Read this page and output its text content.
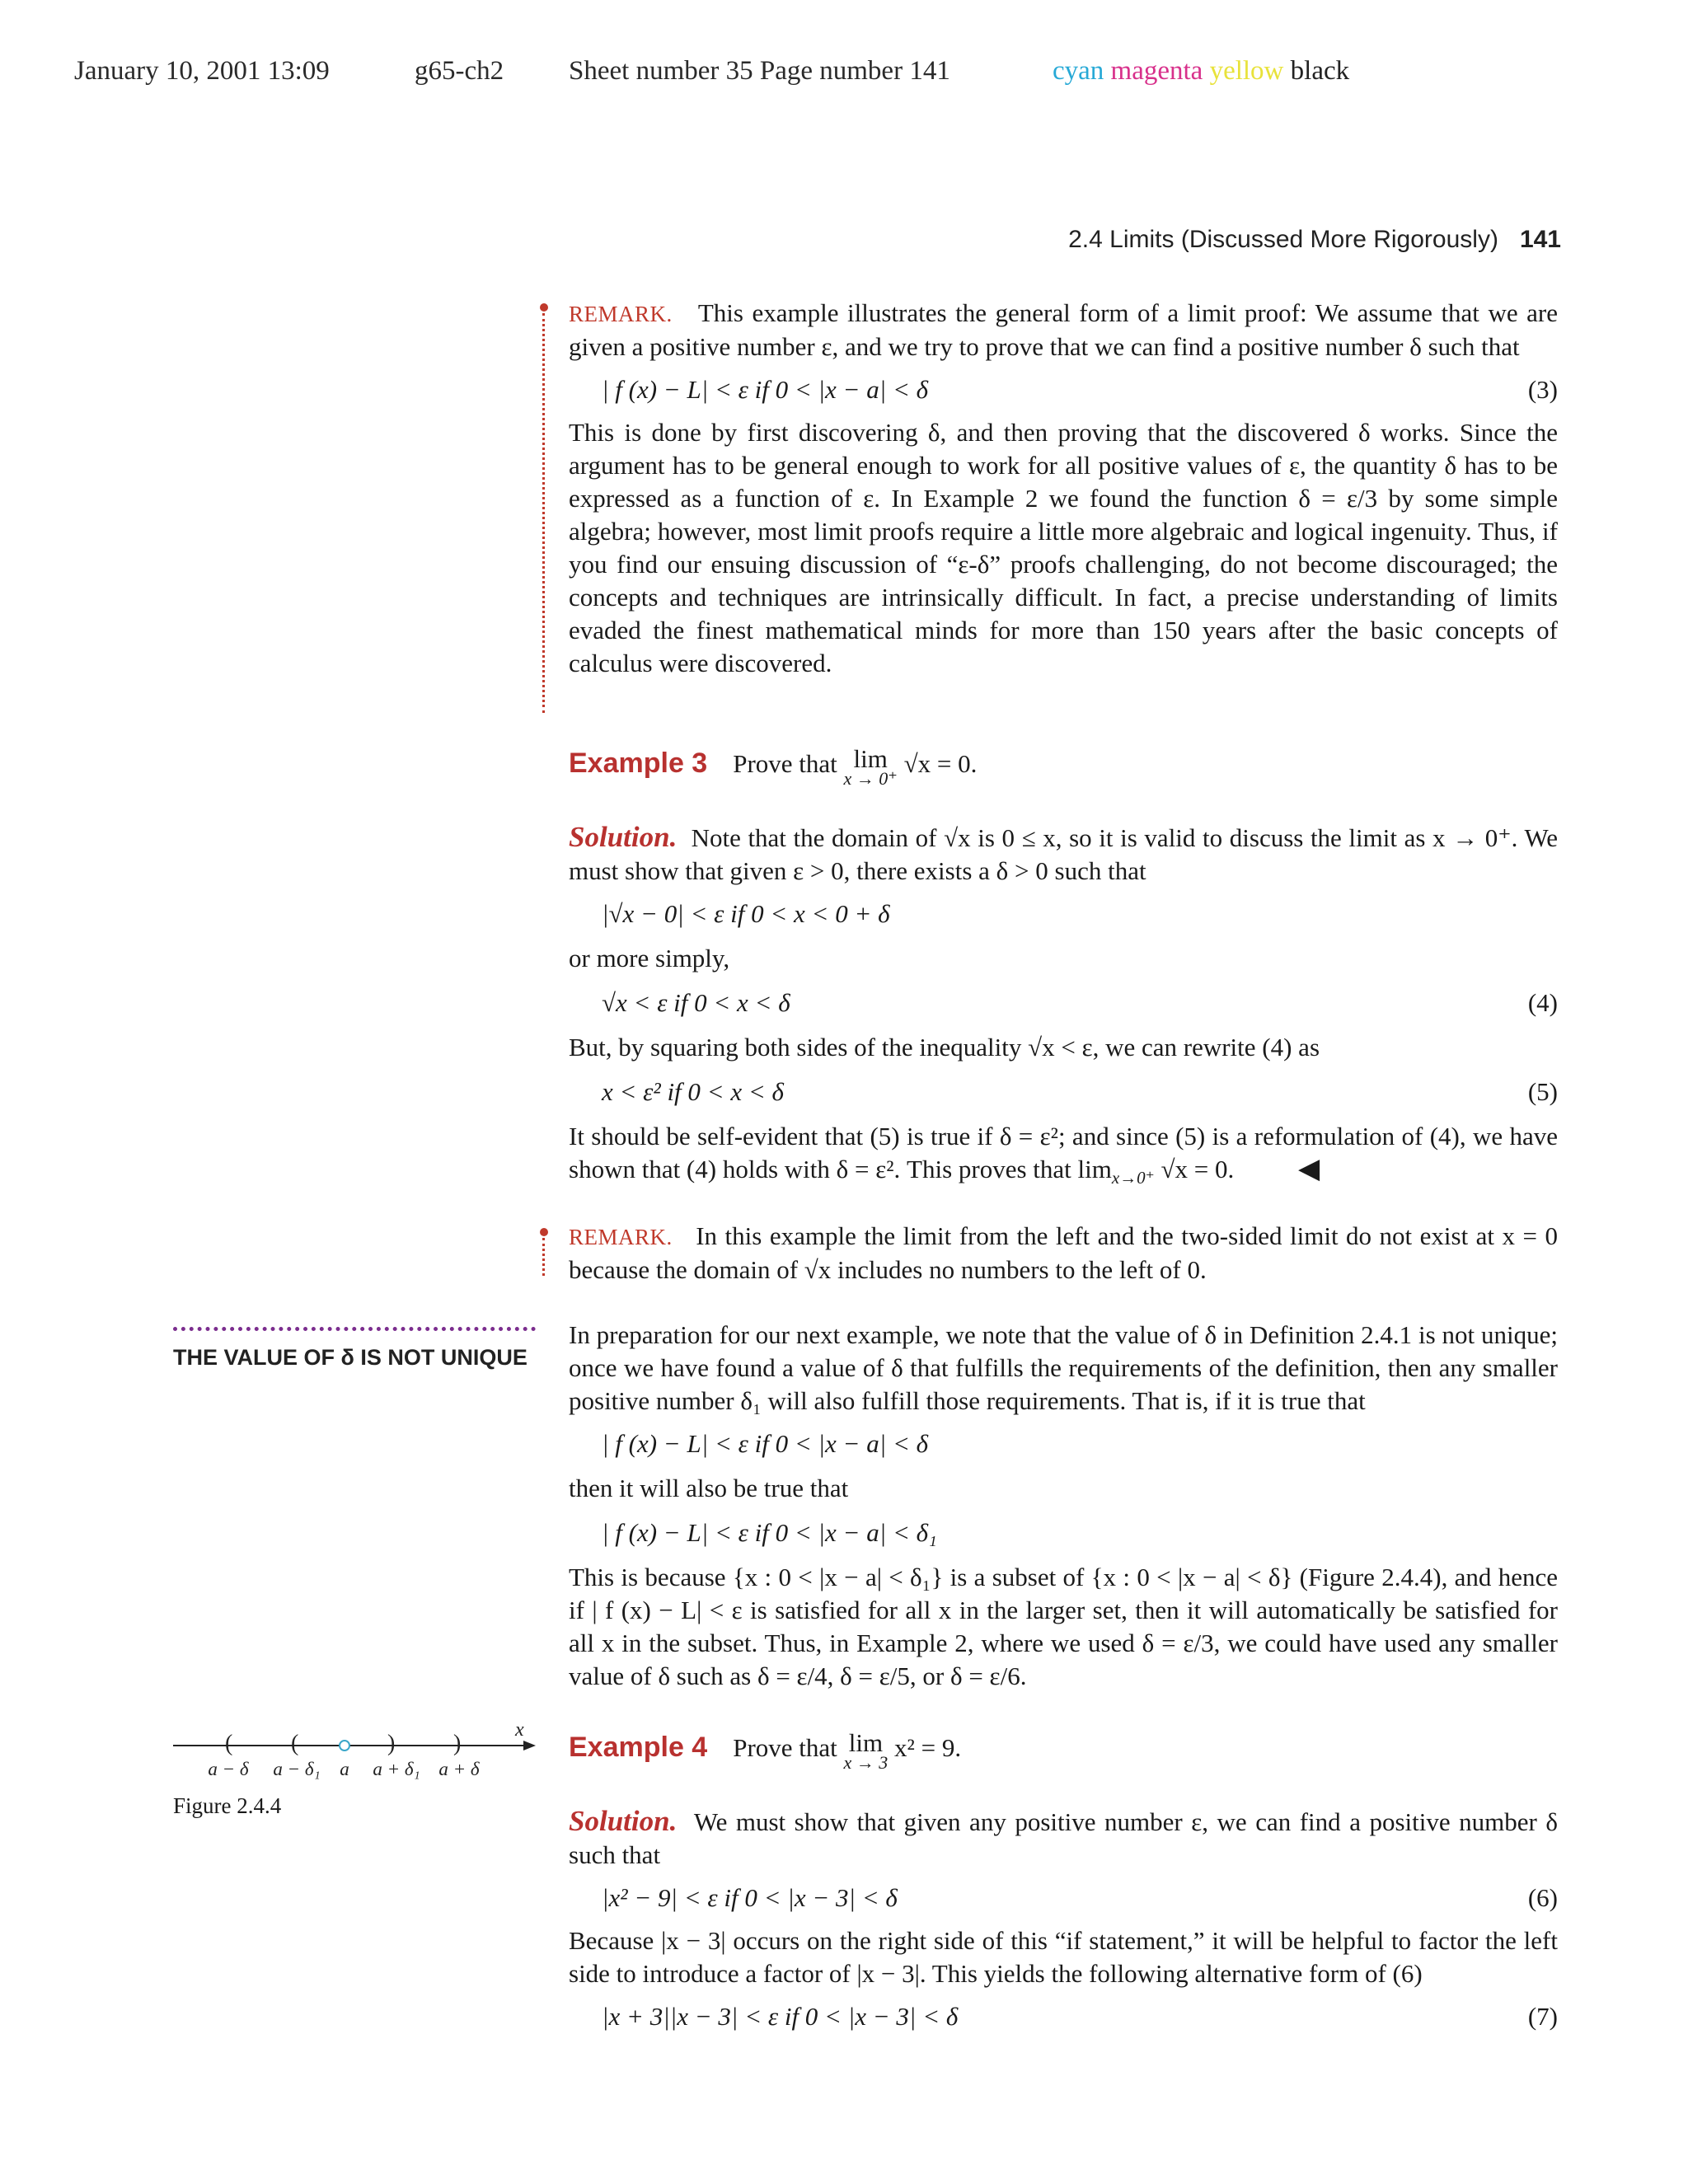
January 10, 2001 13:09	g65-ch2 Sheet number 35 Page number 141	cyan magenta yellow black
2.4 Limits (Discussed More Rigorously) 141

REMARK. This example illustrates the general form of a limit proof: We assume that we are given a positive number ε, and we try to prove that we can find a positive number δ such that

| f (x) − L| < ε if 0 < |x − a| < δ	(3)

This is done by first discovering δ, and then proving that the discovered δ works. Since the argument has to be general enough to work for all positive values of ε, the quantity δ has to be expressed as a function of ε. In Example 2 we found the function δ = ε/3 by some simple algebra; however, most limit proofs require a little more algebraic and logical ingenuity. Thus, if you find our ensuing discussion of “ε-δ” proofs challenging, do not become discouraged; the concepts and techniques are intrinsically difficult. In fact, a precise understanding of limits evaded the finest mathematical minds for more than 150 years after the basic concepts of calculus were discovered.

Example 3 Prove that lim
x → 0⁺
√x = 0.

Solution. Note that the domain of √x is 0 ≤ x, so it is valid to discuss the limit as x → 0⁺. We must show that given ε > 0, there exists a δ > 0 such that

|√x − 0| < ε if 0 < x < 0 + δ

or more simply,

√x < ε if 0 < x < δ	(4)

But, by squaring both sides of the inequality √x < ε, we can rewrite (4) as

x < ε² if 0 < x < δ	(5)

It should be self-evident that (5) is true if δ = ε²; and since (5) is a reformulation of (4), we have shown that (4) holds with δ = ε². This proves that $\lim_{x\to 0^+} √x = 0$. ◀

REMARK. In this example the limit from the left and the two-sided limit do not exist at x = 0 because the domain of √x includes no numbers to the left of 0.

THE VALUE OF δ IS NOT UNIQUE

In preparation for our next example, we note that the value of δ in Definition 2.4.1 is not unique; once we have found a value of δ that fulfills the requirements of the definition, then any smaller positive number δ₁ will also fulfill those requirements. That is, if it is true that

| f (x) − L| < ε if 0 < |x − a| < δ

then it will also be true that

| f (x) − L| < ε if 0 < |x − a| < δ₁

This is because {x : 0 < |x − a| < δ₁} is a subset of {x : 0 < |x − a| < δ} (Figure 2.4.4), and hence if | f (x) − L| < ε is satisfied for all x in the larger set, then it will automatically be satisfied for all x in the subset. Thus, in Example 2, where we used δ = ε/3, we could have used any smaller value of δ such as δ = ε/4, δ = ε/5, or δ = ε/6.

x
(	(	)	)
a − δ a − δ₁ a a + δ₁ a + δ
Figure 2.4.4
Example 4 Prove that lim
x → 3
x² = 9.

Solution. We must show that given any positive number ε, we can find a positive number δ such that

|x² − 9| < ε if 0 < |x − 3| < δ	(6)

Because |x − 3| occurs on the right side of this “if statement,” it will be helpful to factor the left side to introduce a factor of |x − 3|. This yields the following alternative form of (6)

|x + 3||x − 3| < ε if 0 < |x − 3| < δ	(7)
